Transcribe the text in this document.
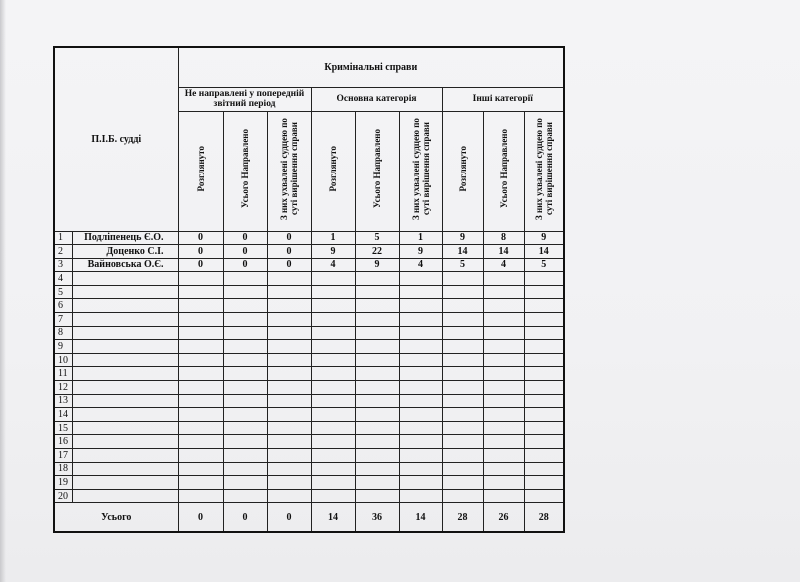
П.І.Б. судді		Кримінальні справи								
		Не направлені у попередній звітний період			Основна категорія			Інші категорії		
		Розглянуто	Усього Направлено	З них ухвалені судцею по суті вирішення справи	Розглянуто	Усього Направлено	З них ухвалені судцею по суті вирішення справи	Розглянуто	Усього Направлено	З них ухвалені судцею по суті вирішення справи
1	Подліпенець Є.О.	0	0	0	1	5	1	9	8	9
2	Доценко С.І.	0	0	0	9	22	9	14	14	14
3	Вайновська О.Є.	0	0	0	4	9	4	5	4	5
4										
5										
6										
7										
8										
9										
10										
11										
12										
13										
14										
15										
16										
17										
18										
19										
20										
Усього		0	0	0	14	36	14	28	26	28
